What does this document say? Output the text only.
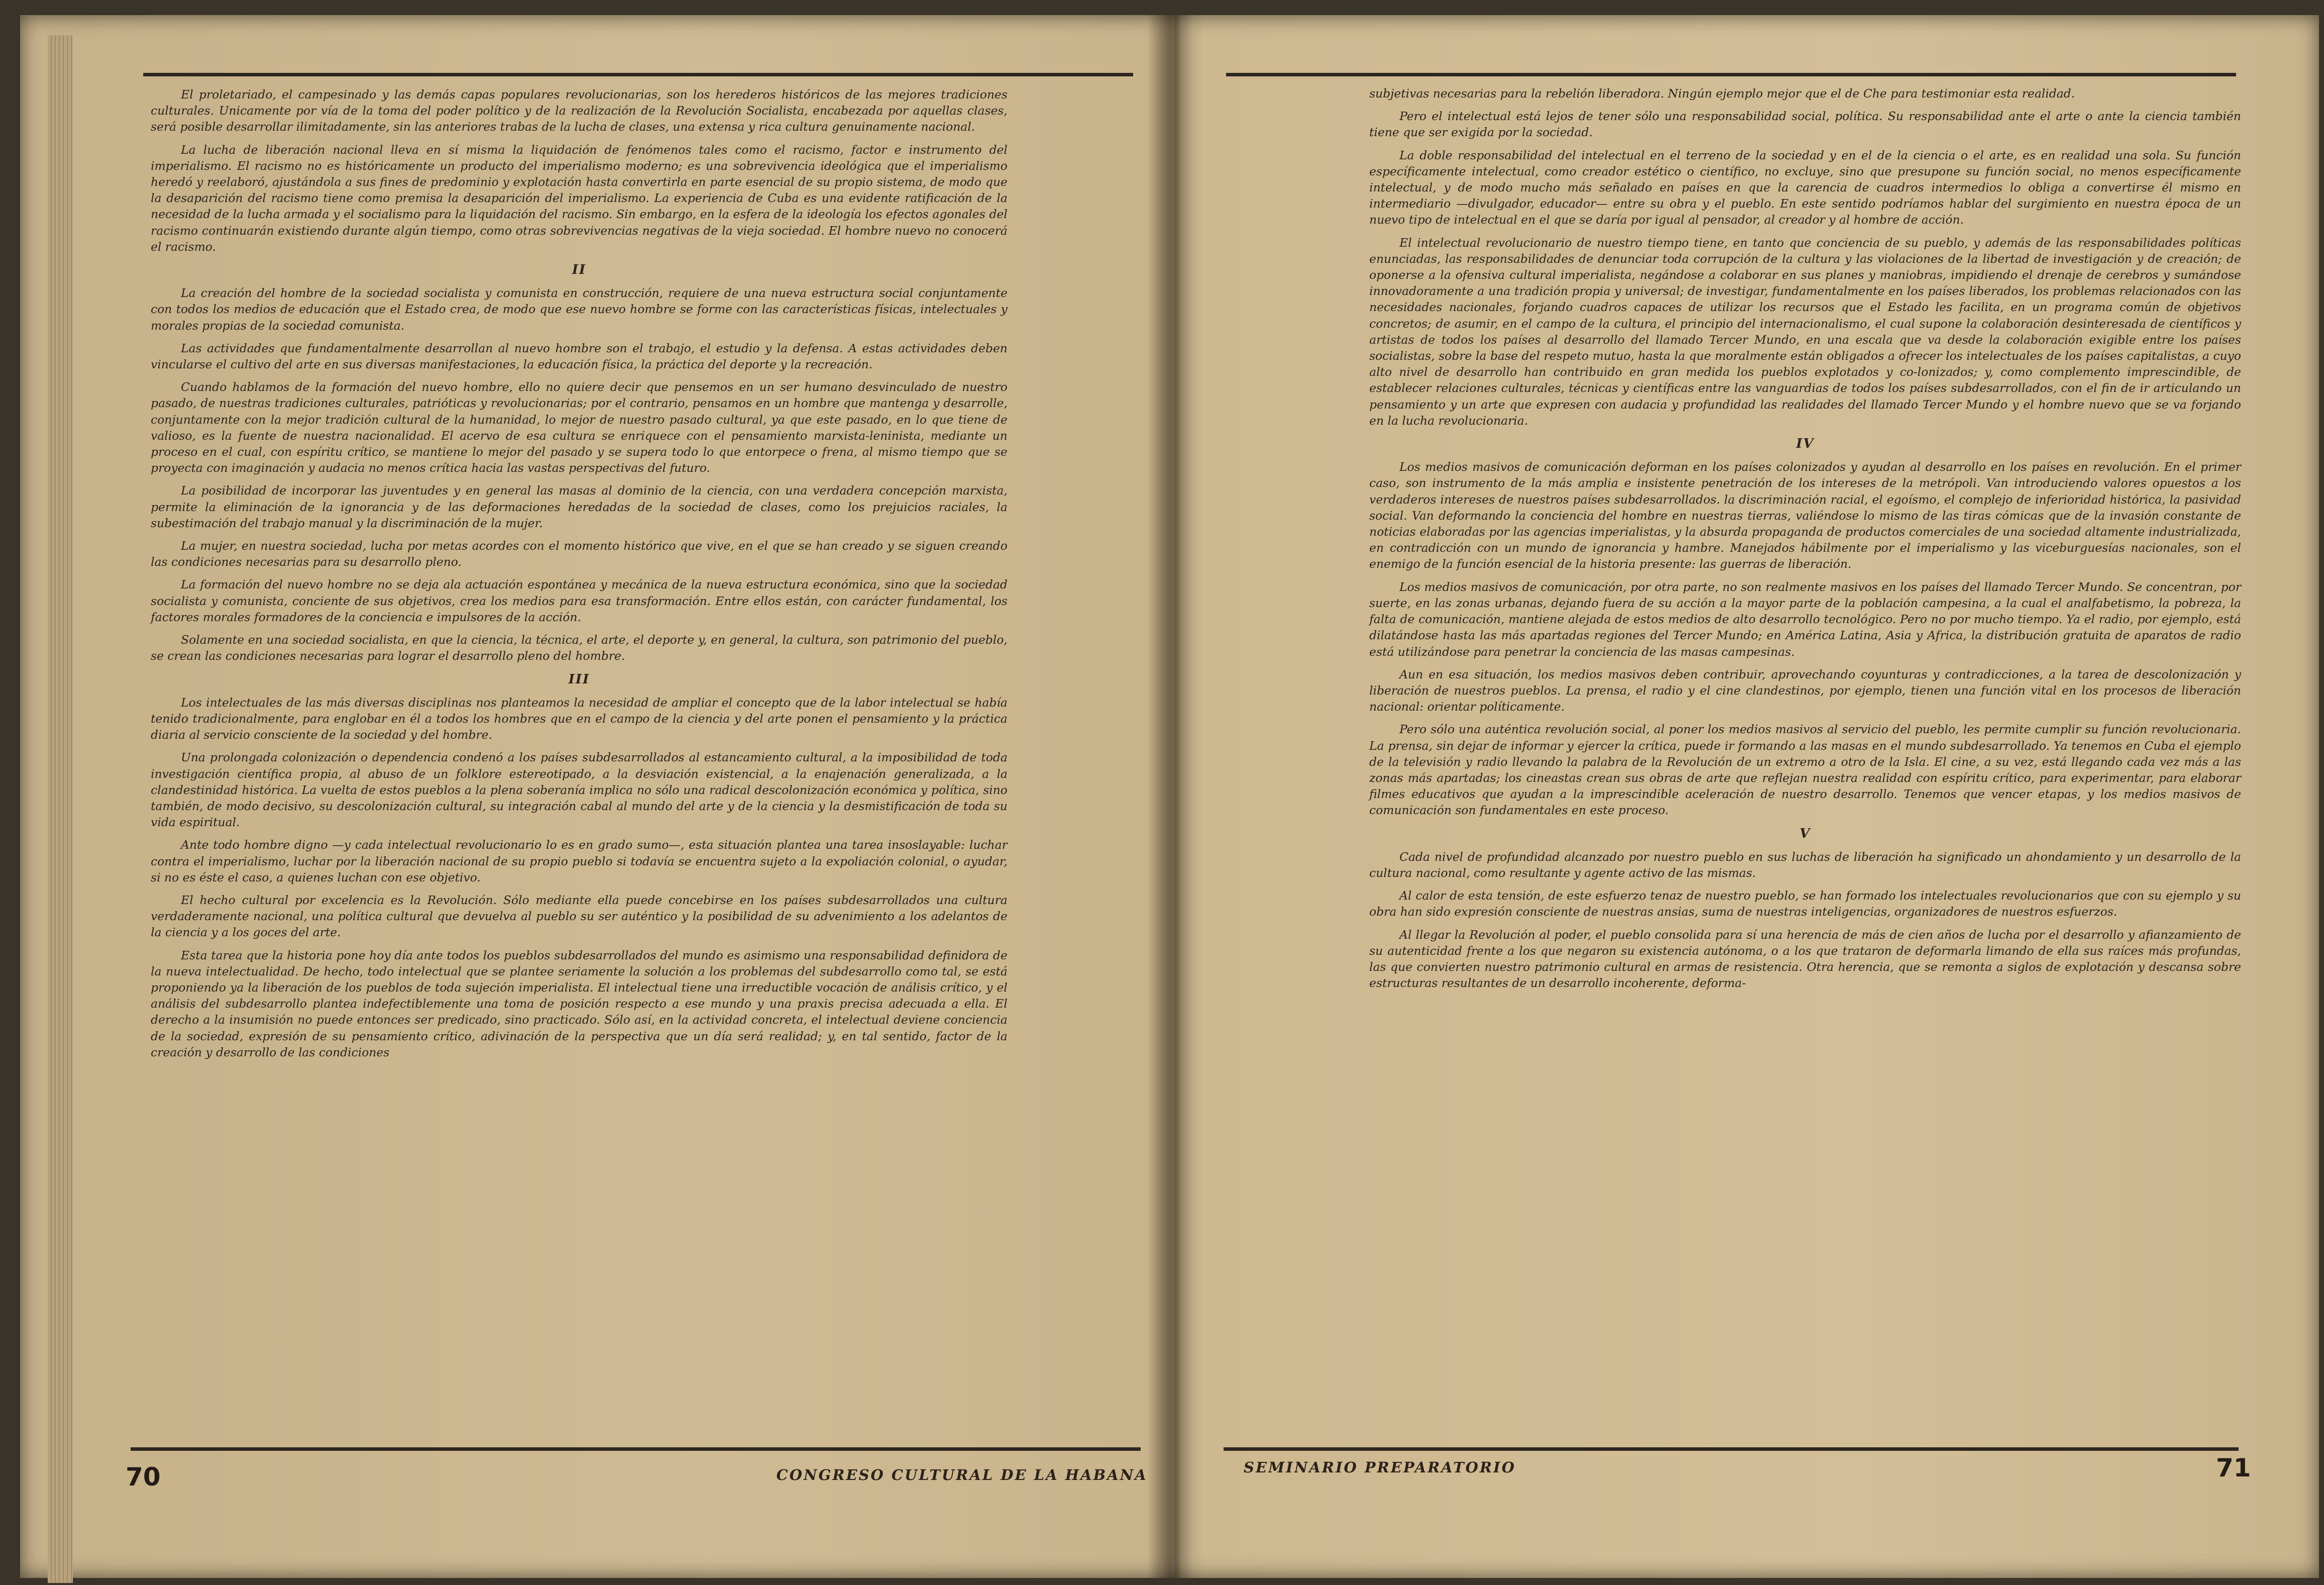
El proletariado, el campesinado y las demás capas populares revolucionarias, son los herederos históricos de las mejores tradiciones culturales. Unicamente por vía de la toma del poder político y de la realización de la Revolución Socialista, encabezada por aquellas clases, será posible desarrollar ilimitadamente, sin las anteriores trabas de la lucha de clases, una extensa y rica cultura genuinamente nacional.

La lucha de liberación nacional lleva en sí misma la liquidación de fenómenos tales como el racismo, factor e instrumento del imperialismo. El racismo no es históricamente un producto del imperialismo moderno; es una sobrevivencia ideológica que el imperialismo heredó y reelaboró, ajustándola a sus fines de predominio y explotación hasta convertirla en parte esencial de su propio sistema, de modo que la desaparición del racismo tiene como premisa la desaparición del imperialismo. La experiencia de Cuba es una evidente ratificación de la necesidad de la lucha armada y el socialismo para la liquidación del racismo. Sin embargo, en la esfera de la ideología los efectos agonales del racismo continuarán existiendo durante algún tiempo, como otras sobrevivencias negativas de la vieja sociedad. El hombre nuevo no conocerá el racismo.

II

La creación del hombre de la sociedad socialista y comunista en construcción, requiere de una nueva estructura social conjuntamente con todos los medios de educación que el Estado crea, de modo que ese nuevo hombre se forme con las características físicas, intelectuales y morales propias de la sociedad comunista.

Las actividades que fundamentalmente desarrollan al nuevo hombre son el trabajo, el estudio y la defensa. A estas actividades deben vincularse el cultivo del arte en sus diversas manifestaciones, la educación física, la práctica del deporte y la recreación.

Cuando hablamos de la formación del nuevo hombre, ello no quiere decir que pensemos en un ser humano desvinculado de nuestro pasado, de nuestras tradiciones culturales, patrióticas y revolucionarias; por el contrario, pensamos en un hombre que mantenga y desarrolle, conjuntamente con la mejor tradición cultural de la humanidad, lo mejor de nuestro pasado cultural, ya que este pasado, en lo que tiene de valioso, es la fuente de nuestra nacionalidad. El acervo de esa cultura se enriquece con el pensamiento marxista-leninista, mediante un proceso en el cual, con espíritu crítico, se mantiene lo mejor del pasado y se supera todo lo que entorpece o frena, al mismo tiempo que se proyecta con imaginación y audacia no menos crítica hacia las vastas perspectivas del futuro.

La posibilidad de incorporar las juventudes y en general las masas al dominio de la ciencia, con una verdadera concepción marxista, permite la eliminación de la ignorancia y de las deformaciones heredadas de la sociedad de clases, como los prejuicios raciales, la subestimación del trabajo manual y la discriminación de la mujer.

La mujer, en nuestra sociedad, lucha por metas acordes con el momento histórico que vive, en el que se han creado y se siguen creando las condiciones necesarias para su desarrollo pleno.

La formación del nuevo hombre no se deja ala actuación espontánea y mecánica de la nueva estructura económica, sino que la sociedad socialista y comunista, conciente de sus objetivos, crea los medios para esa transformación. Entre ellos están, con carácter fundamental, los factores morales formadores de la conciencia e impulsores de la acción.

Solamente en una sociedad socialista, en que la ciencia, la técnica, el arte, el deporte y, en general, la cultura, son patrimonio del pueblo, se crean las condiciones necesarias para lograr el desarrollo pleno del hombre.

III

Los intelectuales de las más diversas disciplinas nos planteamos la necesidad de ampliar el concepto que de la labor intelectual se había tenido tradicionalmente, para englobar en él a todos los hombres que en el campo de la ciencia y del arte ponen el pensamiento y la práctica diaria al servicio consciente de la sociedad y del hombre.

Una prolongada colonización o dependencia condenó a los países subdesarrollados al estancamiento cultural, a la imposibilidad de toda investigación científica propia, al abuso de un folklore estereotipado, a la desviación existencial, a la enajenación generalizada, a la clandestinidad histórica. La vuelta de estos pueblos a la plena soberanía implica no sólo una radical descolonización económica y política, sino también, de modo decisivo, su descolonización cultural, su integración cabal al mundo del arte y de la ciencia y la desmistificación de toda su vida espiritual.

Ante todo hombre digno —y cada intelectual revolucionario lo es en grado sumo—, esta situación plantea una tarea insoslayable: luchar contra el imperialismo, luchar por la liberación nacional de su propio pueblo si todavía se encuentra sujeto a la expoliación colonial, o ayudar, si no es éste el caso, a quienes luchan con ese objetivo.

El hecho cultural por excelencia es la Revolución. Sólo mediante ella puede concebirse en los países subdesarrollados una cultura verdaderamente nacional, una política cultural que devuelva al pueblo su ser auténtico y la posibilidad de su advenimiento a los adelantos de la ciencia y a los goces del arte.

Esta tarea que la historia pone hoy día ante todos los pueblos subdesarrollados del mundo es asimismo una responsabilidad definidora de la nueva intelectualidad. De hecho, todo intelectual que se plantee seriamente la solución a los problemas del subdesarrollo como tal, se está proponiendo ya la liberación de los pueblos de toda sujeción imperialista. El intelectual tiene una irreductible vocación de análisis crítico, y el análisis del subdesarrollo plantea indefectiblemente una toma de posición respecto a ese mundo y una praxis precisa adecuada a ella. El derecho a la insumisión no puede entonces ser predicado, sino practicado. Sólo así, en la actividad concreta, el intelectual deviene conciencia de la sociedad, expresión de su pensamiento crítico, adivinación de la perspectiva que un día será realidad; y, en tal sentido, factor de la creación y desarrollo de las condiciones

70	CONGRESO CULTURAL DE LA HABANA

subjetivas necesarias para la rebelión liberadora. Ningún ejemplo mejor que el de Che para testimoniar esta realidad.

Pero el intelectual está lejos de tener sólo una responsabilidad social, política. Su responsabilidad ante el arte o ante la ciencia también tiene que ser exigida por la sociedad.

La doble responsabilidad del intelectual en el terreno de la sociedad y en el de la ciencia o el arte, es en realidad una sola. Su función específicamente intelectual, como creador estético o científico, no excluye, sino que presupone su función social, no menos específicamente intelectual, y de modo mucho más señalado en países en que la carencia de cuadros intermedios lo obliga a convertirse él mismo en intermediario —divulgador, educador— entre su obra y el pueblo. En este sentido podríamos hablar del surgimiento en nuestra época de un nuevo tipo de intelectual en el que se daría por igual al pensador, al creador y al hombre de acción.

El intelectual revolucionario de nuestro tiempo tiene, en tanto que conciencia de su pueblo, y además de las responsabilidades políticas enunciadas, las responsabilidades de denunciar toda corrupción de la cultura y las violaciones de la libertad de investigación y de creación; de oponerse a la ofensiva cultural imperialista, negándose a colaborar en sus planes y maniobras, impidiendo el drenaje de cerebros y sumándose innovadoramente a una tradición propia y universal; de investigar, fundamentalmente en los países liberados, los problemas relacionados con las necesidades nacionales, forjando cuadros capaces de utilizar los recursos que el Estado les facilita, en un programa común de objetivos concretos; de asumir, en el campo de la cultura, el principio del internacionalismo, el cual supone la colaboración desinteresada de científicos y artistas de todos los países al desarrollo del llamado Tercer Mundo, en una escala que va desde la colaboración exigible entre los países socialistas, sobre la base del respeto mutuo, hasta la que moralmente están obligados a ofrecer los intelectuales de los países capitalistas, a cuyo alto nivel de desarrollo han contribuido en gran medida los pueblos explotados y co-lonizados; y, como complemento imprescindible, de establecer relaciones culturales, técnicas y científicas entre las vanguardias de todos los países subdesarrollados, con el fin de ir articulando un pensamiento y un arte que expresen con audacia y profundidad las realidades del llamado Tercer Mundo y el hombre nuevo que se va forjando en la lucha revolucionaria.

IV

Los medios masivos de comunicación deforman en los países colonizados y ayudan al desarrollo en los países en revolución. En el primer caso, son instrumento de la más amplia e insistente penetración de los intereses de la metrópoli. Van introduciendo valores opuestos a los verdaderos intereses de nuestros países subdesarrollados. la discriminación racial, el egoísmo, el complejo de inferioridad histórica, la pasividad social. Van deformando la conciencia del hombre en nuestras tierras, valiéndose lo mismo de las tiras cómicas que de la invasión constante de noticias elaboradas por las agencias imperialistas, y la absurda propaganda de productos comerciales de una sociedad altamente industrializada, en contradicción con un mundo de ignorancia y hambre. Manejados hábilmente por el imperialismo y las viceburguesías nacionales, son el enemigo de la función esencial de la historia presente: las guerras de liberación.

Los medios masivos de comunicación, por otra parte, no son realmente masivos en los países del llamado Tercer Mundo. Se concentran, por suerte, en las zonas urbanas, dejando fuera de su acción a la mayor parte de la población campesina, a la cual el analfabetismo, la pobreza, la falta de comunicación, mantiene alejada de estos medios de alto desarrollo tecnológico. Pero no por mucho tiempo. Ya el radio, por ejemplo, está dilatándose hasta las más apartadas regiones del Tercer Mundo; en América Latina, Asia y Africa, la distribución gratuita de aparatos de radio está utilizándose para penetrar la conciencia de las masas campesinas.

Aun en esa situación, los medios masivos deben contribuir, aprovechando coyunturas y contradicciones, a la tarea de descolonización y liberación de nuestros pueblos. La prensa, el radio y el cine clandestinos, por ejemplo, tienen una función vital en los procesos de liberación nacional: orientar políticamente.

Pero sólo una auténtica revolución social, al poner los medios masivos al servicio del pueblo, les permite cumplir su función revolucionaria. La prensa, sin dejar de informar y ejercer la crítica, puede ir formando a las masas en el mundo subdesarrollado. Ya tenemos en Cuba el ejemplo de la televisión y radio llevando la palabra de la Revolución de un extremo a otro de la Isla. El cine, a su vez, está llegando cada vez más a las zonas más apartadas; los cineastas crean sus obras de arte que reflejan nuestra realidad con espíritu crítico, para experimentar, para elaborar filmes educativos que ayudan a la imprescindible aceleración de nuestro desarrollo. Tenemos que vencer etapas, y los medios masivos de comunicación son fundamentales en este proceso.

V

Cada nivel de profundidad alcanzado por nuestro pueblo en sus luchas de liberación ha significado un ahondamiento y un desarrollo de la cultura nacional, como resultante y agente activo de las mismas.

Al calor de esta tensión, de este esfuerzo tenaz de nuestro pueblo, se han formado los intelectuales revolucionarios que con su ejemplo y su obra han sido expresión consciente de nuestras ansias, suma de nuestras inteligencias, organizadores de nuestros esfuerzos.

Al llegar la Revolución al poder, el pueblo consolida para sí una herencia de más de cien años de lucha por el desarrollo y afianzamiento de su autenticidad frente a los que negaron su existencia autónoma, o a los que trataron de deformarla limando de ella sus raíces más profundas, las que convierten nuestro patrimonio cultural en armas de resistencia. Otra herencia, que se remonta a siglos de explotación y descansa sobre estructuras resultantes de un desarrollo incoherente, deforma-

SEMINARIO PREPARATORIO	71
